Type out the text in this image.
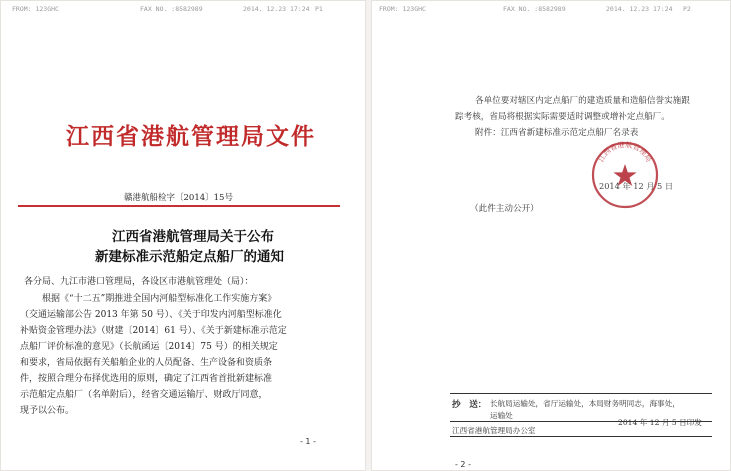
FROM: 123GHC	FAX NO. :8582989	2014. 12.23 17:24 P1
江西省港航管理局文件
赣港航船检字〔2014〕15号
江西省港航管理局关于公布
新建标准示范船定点船厂的通知
各分局、九江市港口管理局，各设区市港航管理处（局）：
根据《“十二五”期推进全国内河船型标准化工作实施方案》
（交通运输部公告 2013 年第 50 号）、《关于印发内河船型标准化
补贴资金管理办法》（财建〔2014〕61 号）、《关于新建标准示范定
点船厂评价标准的意见》（长航函运〔2014〕75 号）的相关规定
和要求，省局依据有关船舶企业的人员配备、生产设备和资质条
件，按照合理分布择优选用的原则，确定了江西省首批新建标准
示范船定点船厂（名单附后），经省交通运输厅、财政厅同意，
现予以公布。
- 1 -
FROM: 123GHC	FAX NO. :8582989	2014. 12.23 17:24 P2
各单位要对辖区内定点船厂的建造质量和造船信誉实施跟
踪考核，省局将根据实际需要适时调整或增补定点船厂。
附件：江西省新建标准示范定点船厂名录表
江西省港航管理局
2014 年 12 月 5 日
（此件主动公开）
抄　送： 长航局运输处，省厅运输处，本局财务明同志，海事处，
运输处
江西省港航管理局办公室
2014 年 12 月 5 日印发
- 2 -
